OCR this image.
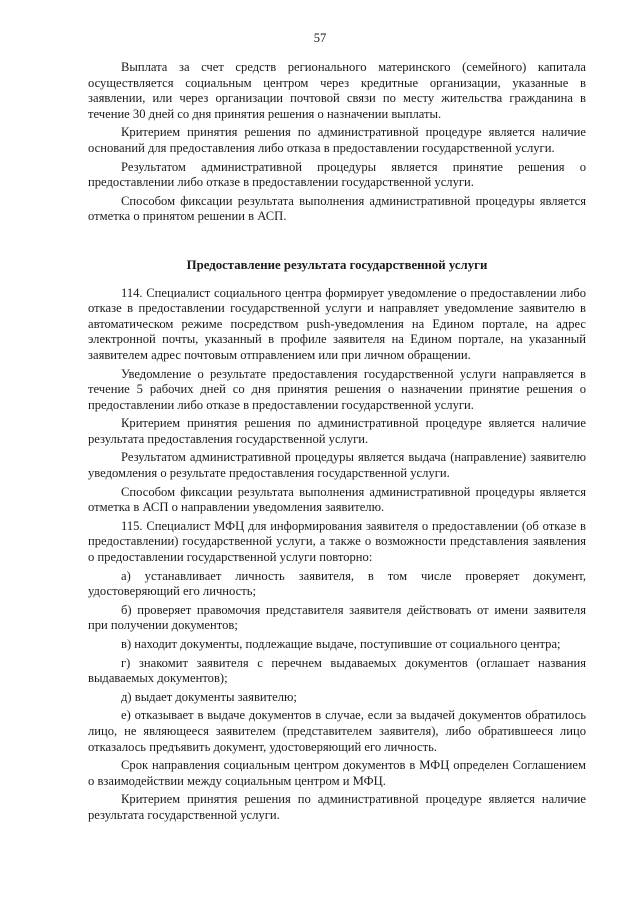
57

Выплата за счет средств регионального материнского (семейного) капитала осуществляется социальным центром через кредитные организации, указанные в заявлении, или через организации почтовой связи по месту жительства гражданина в течение 30 дней со дня принятия решения о назначении выплаты.

Критерием принятия решения по административной процедуре является наличие оснований для предоставления либо отказа в предоставлении государственной услуги.

Результатом административной процедуры является принятие решения о предоставлении либо отказе в предоставлении государственной услуги.

Способом фиксации результата выполнения административной процедуры является отметка о принятом решении в АСП.

Предоставление результата государственной услуги

114. Специалист социального центра формирует уведомление о предоставлении либо отказе в предоставлении государственной услуги и направляет уведомление заявителю в автоматическом режиме посредством push-уведомления на Едином портале, на адрес электронной почты, указанный в профиле заявителя на Едином портале, на указанный заявителем адрес почтовым отправлением или при личном обращении.

Уведомление о результате предоставления государственной услуги направляется в течение 5 рабочих дней со дня принятия решения о назначении принятие решения о предоставлении либо отказе в предоставлении государственной услуги.

Критерием принятия решения по административной процедуре является наличие результата предоставления государственной услуги.

Результатом административной процедуры является выдача (направление) заявителю уведомления о результате предоставления государственной услуги.

Способом фиксации результата выполнения административной процедуры является отметка в АСП о направлении уведомления заявителю.

115. Специалист МФЦ для информирования заявителя о предоставлении (об отказе в предоставлении) государственной услуги, а также о возможности представления заявления о предоставлении государственной услуги повторно:

а) устанавливает личность заявителя, в том числе проверяет документ, удостоверяющий его личность;

б) проверяет правомочия представителя заявителя действовать от имени заявителя при получении документов;

в) находит документы, подлежащие выдаче, поступившие от социального центра;

г) знакомит заявителя с перечнем выдаваемых документов (оглашает названия выдаваемых документов);

д) выдает документы заявителю;

е) отказывает в выдаче документов в случае, если за выдачей документов обратилось лицо, не являющееся заявителем (представителем заявителя), либо обратившееся лицо отказалось предъявить документ, удостоверяющий его личность.

Срок направления социальным центром документов в МФЦ определен Соглашением о взаимодействии между социальным центром и МФЦ.

Критерием принятия решения по административной процедуре является наличие результата государственной услуги.
